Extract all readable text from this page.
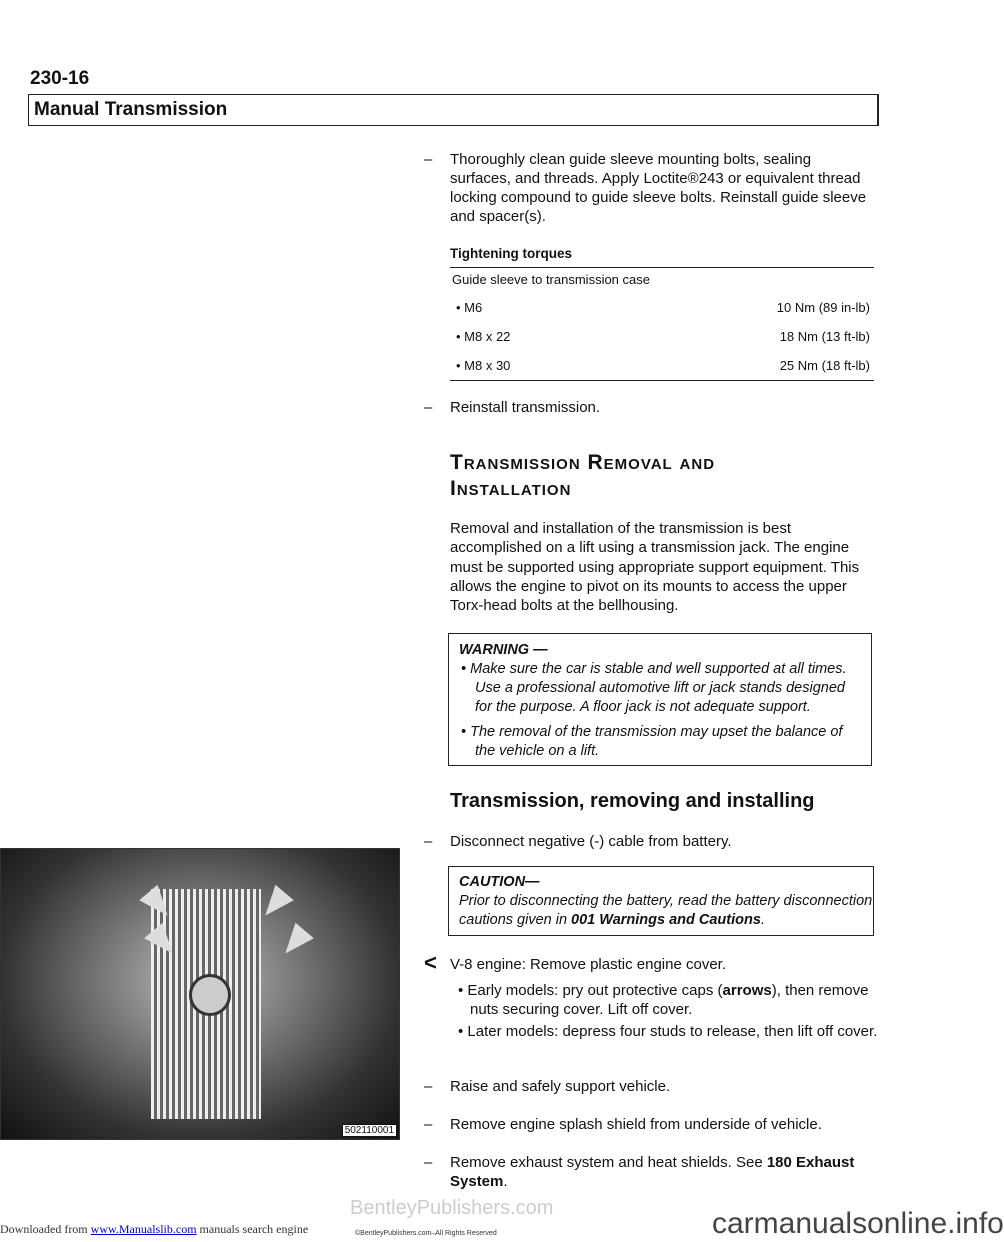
230-16
Manual Transmission
– Thoroughly clean guide sleeve mounting bolts, sealing surfaces, and threads. Apply Loctite®243 or equivalent thread locking compound to guide sleeve bolts. Reinstall guide sleeve and spacer(s).
Tightening torques
Guide sleeve to transmission case
• M6	10 Nm (89 in-lb)
• M8 x 22	18 Nm (13 ft-lb)
• M8 x 30	25 Nm (18 ft-lb)
– Reinstall transmission.
Transmission Removal and
Installation
Removal and installation of the transmission is best accomplished on a lift using a transmission jack. The engine must be supported using appropriate support equipment. This allows the engine to pivot on its mounts to access the upper Torx-head bolts at the bellhousing.
WARNING —
• Make sure the car is stable and well supported at all times. Use a professional automotive lift or jack stands designed for the purpose. A floor jack is not adequate support.
• The removal of the transmission may upset the balance of the vehicle on a lift.
Transmission, removing and installing
– Disconnect negative (-) cable from battery.
CAUTION—
Prior to disconnecting the battery, read the battery disconnection cautions given in 001 Warnings and Cautions.
502110001
< V-8 engine: Remove plastic engine cover.
• Early models: pry out protective caps (arrows), then remove nuts securing cover. Lift off cover.
• Later models: depress four studs to release, then lift off cover.
– Raise and safely support vehicle.
– Remove engine splash shield from underside of vehicle.
– Remove exhaust system and heat shields. See 180 Exhaust System.
Downloaded from www.Manualslib.com manuals search engine
BentleyPublishers.com
©BentleyPublishers.com–All Rights Reserved	carmanualsonline.info
